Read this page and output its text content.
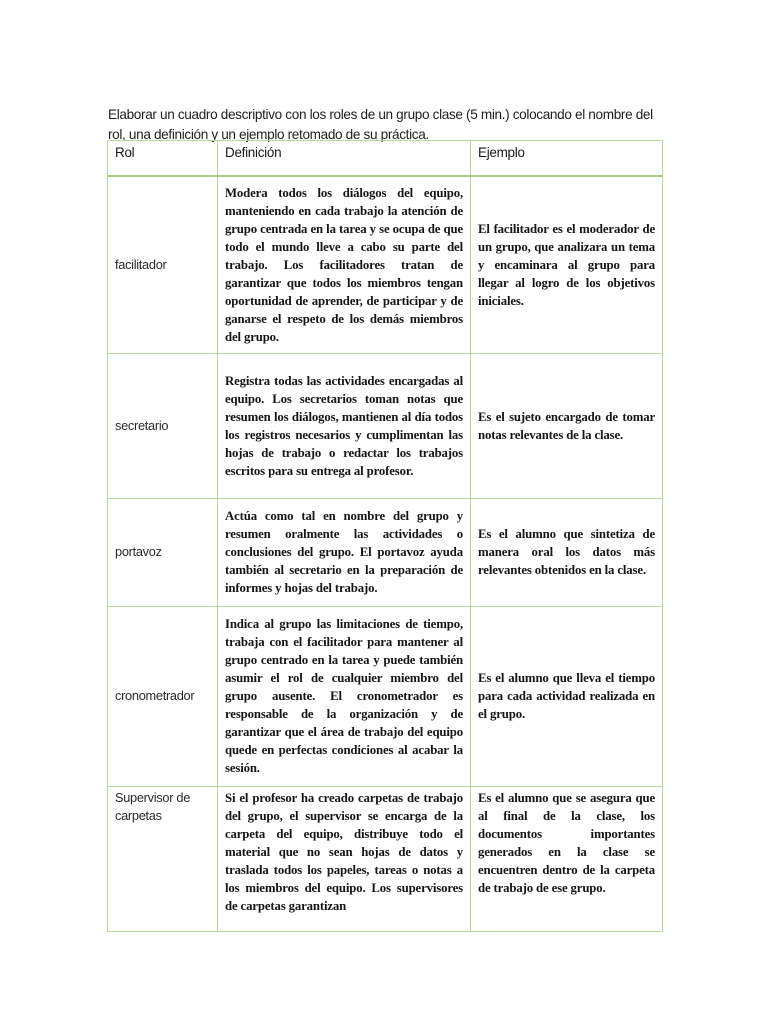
Elaborar un cuadro descriptivo con los roles de un grupo clase (5 min.) colocando el nombre del rol, una definición y un ejemplo retomado de su práctica.

Rol	Definición	Ejemplo
facilitador	Modera todos los diálogos del equipo, manteniendo en cada trabajo la atención de grupo centrada en la tarea y se ocupa de que todo el mundo lleve a cabo su parte del trabajo. Los facilitadores tratan de garantizar que todos los miembros tengan oportunidad de aprender, de participar y de ganarse el respeto de los demás miembros del grupo.	El facilitador es el moderador de un grupo, que analizara un tema y encaminara al grupo para llegar al logro de los objetivos iniciales.
secretario	Registra todas las actividades encargadas al equipo. Los secretarios toman notas que resumen los diálogos, mantienen al día todos los registros necesarios y cumplimentan las hojas de trabajo o redactar los trabajos escritos para su entrega al profesor.	Es el sujeto encargado de tomar notas relevantes de la clase.
portavoz	Actúa como tal en nombre del grupo y resumen oralmente las actividades o conclusiones del grupo. El portavoz ayuda también al secretario en la preparación de informes y hojas del trabajo.	Es el alumno que sintetiza de manera oral los datos más relevantes obtenidos en la clase.
cronometrador	Indica al grupo las limitaciones de tiempo, trabaja con el facilitador para mantener al grupo centrado en la tarea y puede también asumir el rol de cualquier miembro del grupo ausente. El cronometrador es responsable de la organización y de garantizar que el área de trabajo del equipo quede en perfectas condiciones al acabar la sesión.	Es el alumno que lleva el tiempo para cada actividad realizada en el grupo.
Supervisor de carpetas	Si el profesor ha creado carpetas de trabajo del grupo, el supervisor se encarga de la carpeta del equipo, distribuye todo el material que no sean hojas de datos y traslada todos los papeles, tareas o notas a los miembros del equipo. Los supervisores de carpetas garantizan	Es el alumno que se asegura que al final de la clase, los documentos importantes generados en la clase se encuentren dentro de la carpeta de trabajo de ese grupo.
